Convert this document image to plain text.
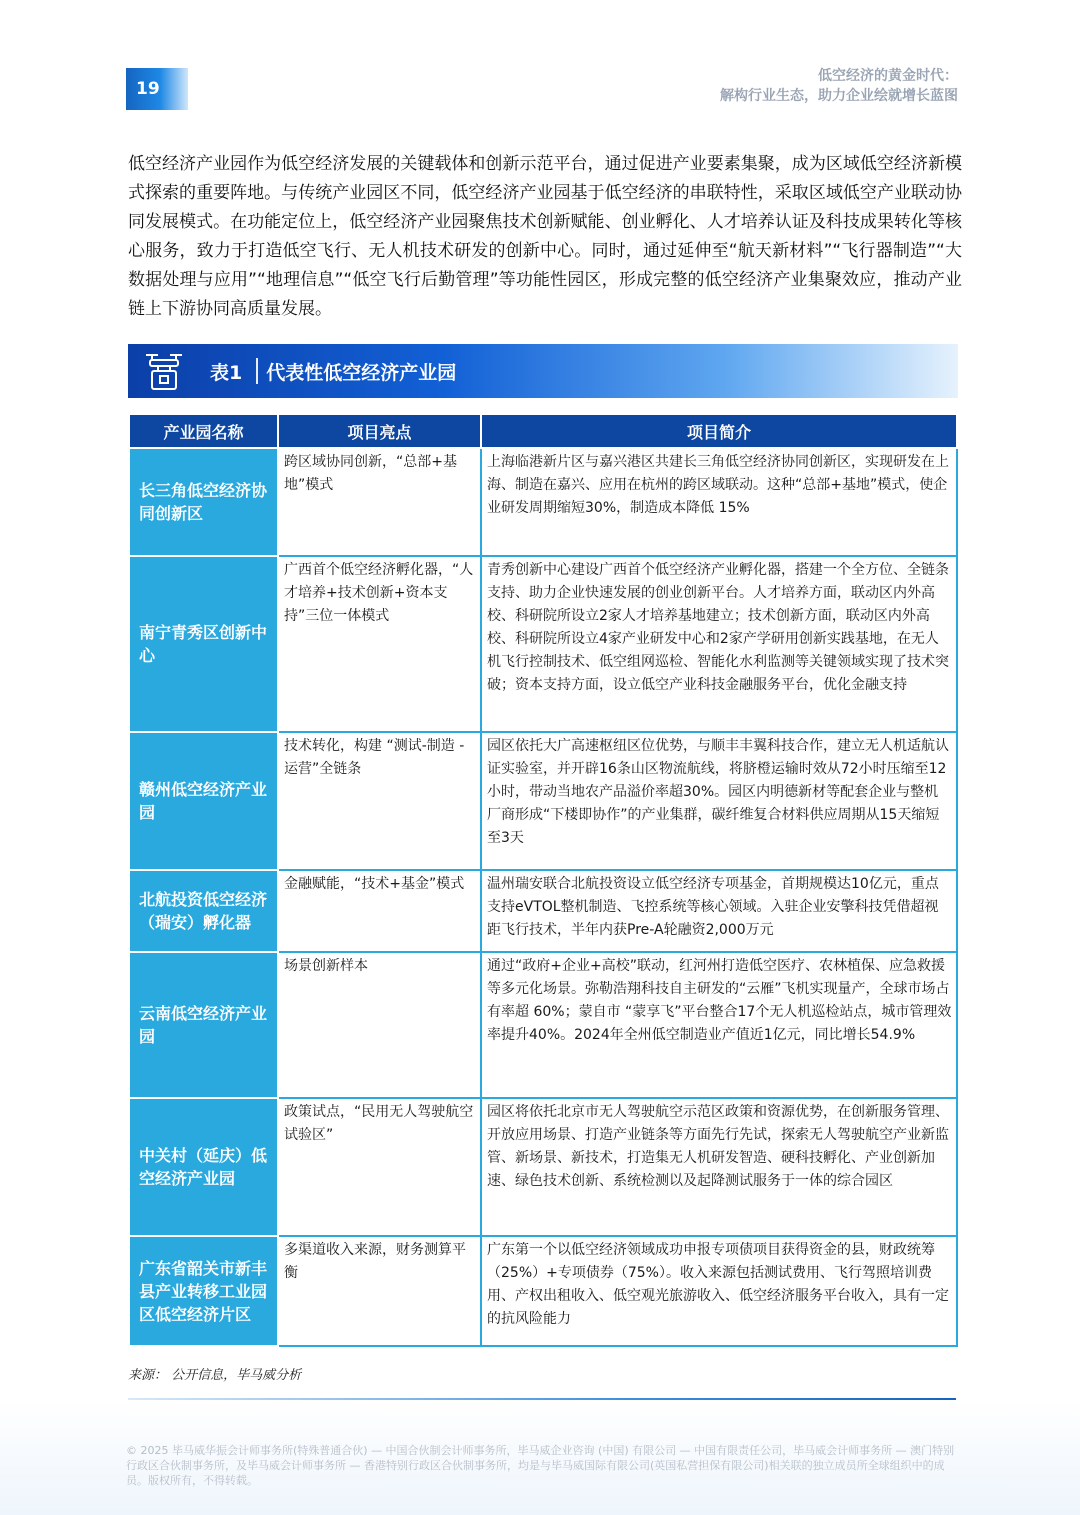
19
低空经济的黄金时代：
解构行业生态，助力企业绘就增长蓝图

低空经济产业园作为低空经济发展的关键载体和创新示范平台，通过促进产业要素集聚，成为区域低空经济新模式探索的重要阵地。与传统产业园区不同，低空经济产业园基于低空经济的串联特性，采取区域低空产业联动协同发展模式。在功能定位上，低空经济产业园聚焦技术创新赋能、创业孵化、人才培养认证及科技成果转化等核心服务，致力于打造低空飞行、无人机技术研发的创新中心。同时，通过延伸至“航天新材料”“飞行器制造”“大数据处理与应用”“地理信息”“低空飞行后勤管理”等功能性园区，形成完整的低空经济产业集聚效应，推动产业链上下游协同高质量发展。

表1 代表性低空经济产业园
产业园名称	项目亮点	项目简介
长三角低空经济协同创新区	跨区域协同创新，“总部+基地”模式	上海临港新片区与嘉兴港区共建长三角低空经济协同创新区，实现研发在上海、制造在嘉兴、应用在杭州的跨区域联动。这种“总部+基地”模式，使企业研发周期缩短30%，制造成本降低 15%
南宁青秀区创新中心	广西首个低空经济孵化器，“人才培养+技术创新+资本支持”三位一体模式	青秀创新中心建设广西首个低空经济产业孵化器，搭建一个全方位、全链条支持、助力企业快速发展的创业创新平台。人才培养方面，联动区内外高校、科研院所设立2家人才培养基地建立；技术创新方面，联动区内外高校、科研院所设立4家产业研发中心和2家产学研用创新实践基地，在无人机飞行控制技术、低空组网巡检、智能化水利监测等关键领域实现了技术突破；资本支持方面，设立低空产业科技金融服务平台，优化金融支持
赣州低空经济产业园	技术转化，构建 “测试-制造 - 运营”全链条	园区依托大广高速枢纽区位优势，与顺丰丰翼科技合作，建立无人机适航认证实验室，并开辟16条山区物流航线，将脐橙运输时效从72小时压缩至12小时，带动当地农产品溢价率超30%。园区内明德新材等配套企业与整机厂商形成“下楼即协作”的产业集群，碳纤维复合材料供应周期从15天缩短至3天
北航投资低空经济（瑞安）孵化器	金融赋能，“技术+基金”模式	温州瑞安联合北航投资设立低空经济专项基金，首期规模达10亿元，重点支持eVTOL整机制造、飞控系统等核心领域。入驻企业安擎科技凭借超视距飞行技术，半年内获Pre-A轮融资2,000万元
云南低空经济产业园	场景创新样本	通过“政府+企业+高校”联动，红河州打造低空医疗、农林植保、应急救援等多元化场景。弥勒浩翔科技自主研发的“云雁”飞机实现量产，全球市场占有率超 60%；蒙自市 “蒙享飞”平台整合17个无人机巡检站点，城市管理效率提升40%。2024年全州低空制造业产值近1亿元，同比增长54.9%
中关村（延庆）低空经济产业园	政策试点，“民用无人驾驶航空试验区”	园区将依托北京市无人驾驶航空示范区政策和资源优势，在创新服务管理、开放应用场景、打造产业链条等方面先行先试，探索无人驾驶航空产业新监管、新场景、新技术，打造集无人机研发智造、硬科技孵化、产业创新加速、绿色技术创新、系统检测以及起降测试服务于一体的综合园区
广东省韶关市新丰县产业转移工业园区低空经济片区	多渠道收入来源，财务测算平衡	广东第一个以低空经济领域成功申报专项债项目获得资金的县，财政统筹（25%）+专项债券（75%）。收入来源包括测试费用、飞行驾照培训费用、产权出租收入、低空观光旅游收入、低空经济服务平台收入，具有一定的抗风险能力
来源： 公开信息，毕马威分析
© 2025 毕马威华振会计师事务所(特殊普通合伙) — 中国合伙制会计师事务所，毕马威企业咨询 (中国) 有限公司 — 中国有限责任公司，毕马威会计师事务所 — 澳门特别行政区合伙制事务所，及毕马威会计师事务所 — 香港特别行政区合伙制事务所，均是与毕马威国际有限公司(英国私营担保有限公司)相关联的独立成员所全球组织中的成员。版权所有，不得转载。
